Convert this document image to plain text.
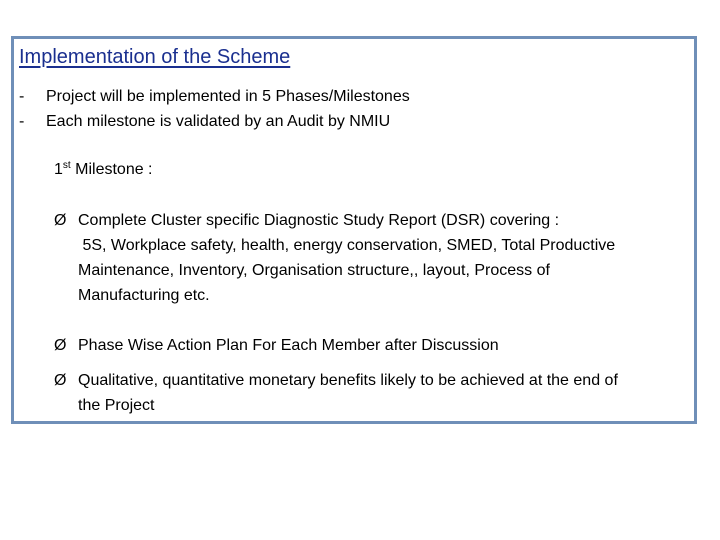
Implementation of the Scheme
- Project will be implemented in 5 Phases/Milestones
- Each milestone is validated by an Audit by NMIU
1st Milestone :
Ø Complete Cluster specific Diagnostic Study Report (DSR) covering :
5S, Workplace safety, health, energy conservation, SMED, Total Productive
Maintenance, Inventory, Organisation structure,, layout, Process of
Manufacturing etc.
Ø Phase Wise Action Plan For Each Member after Discussion
Ø Qualitative, quantitative monetary benefits likely to be achieved at the end of
the Project
